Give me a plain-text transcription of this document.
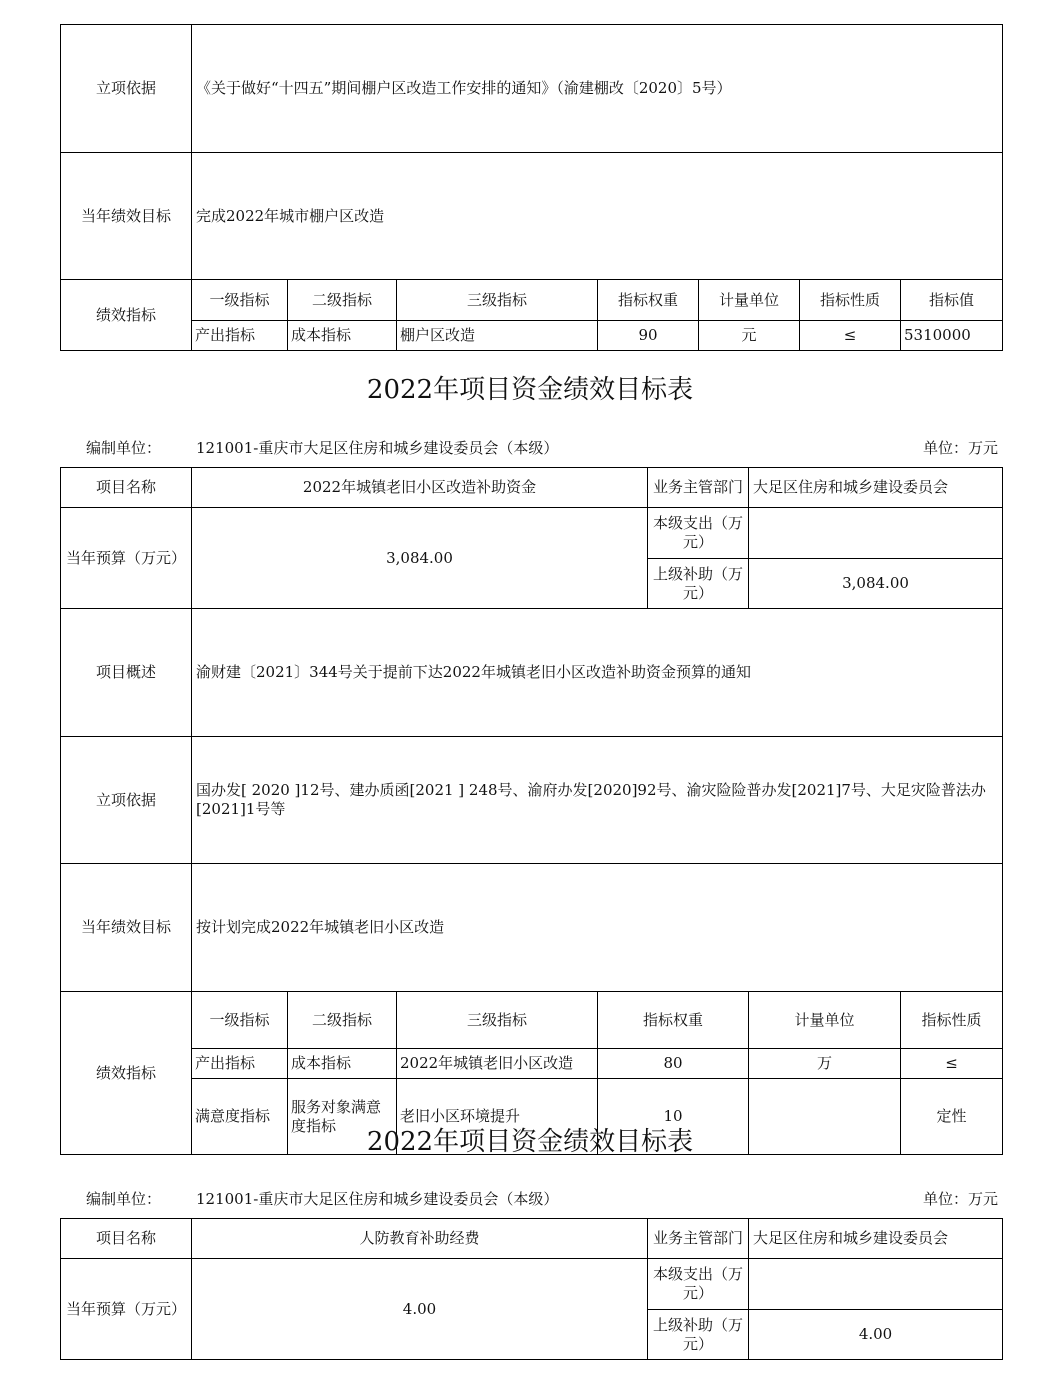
立项依据	《关于做好“十四五”期间棚户区改造工作安排的通知》（渝建棚改〔2020〕5号）						
当年绩效目标	完成2022年城市棚户区改造						
绩效指标	一级指标	二级指标	三级指标	指标权重	计量单位	指标性质	指标值
	产出指标	成本指标	棚户区改造	90	元	≤	5310000
2022年项目资金绩效目标表
编制单位： 121001-重庆市大足区住房和城乡建设委员会（本级）	单位：万元
项目名称	2022年城镇老旧小区改造补助资金				业务主管部门	大足区住房和城乡建设委员会		
当年预算（万元）	3,084.00				本级支出（万元）			
					上级补助（万元）	3,084.00		
项目概述	渝财建〔2021〕344号关于提前下达2022年城镇老旧小区改造补助资金预算的通知							
立项依据	国办发[ 2020 ]12号、建办质函[2021 ] 248号、渝府办发[2020]92号、渝灾险险普办发[2021]7号、大足灾险普法办[2021]1号等							
当年绩效目标	按计划完成2022年城镇老旧小区改造							
绩效指标	一级指标	二级指标	三级指标	指标权重		计量单位	指标性质	
	产出指标	成本指标	2022年城镇老旧小区改造	80		万	≤	
	满意度指标	服务对象满意度指标	老旧小区环境提升	10			定性	
2022年项目资金绩效目标表
编制单位： 121001-重庆市大足区住房和城乡建设委员会（本级）	单位：万元
项目名称	人防教育补助经费	业务主管部门	大足区住房和城乡建设委员会
当年预算（万元）	4.00	本级支出（万元）	
		上级补助（万元）	4.00
